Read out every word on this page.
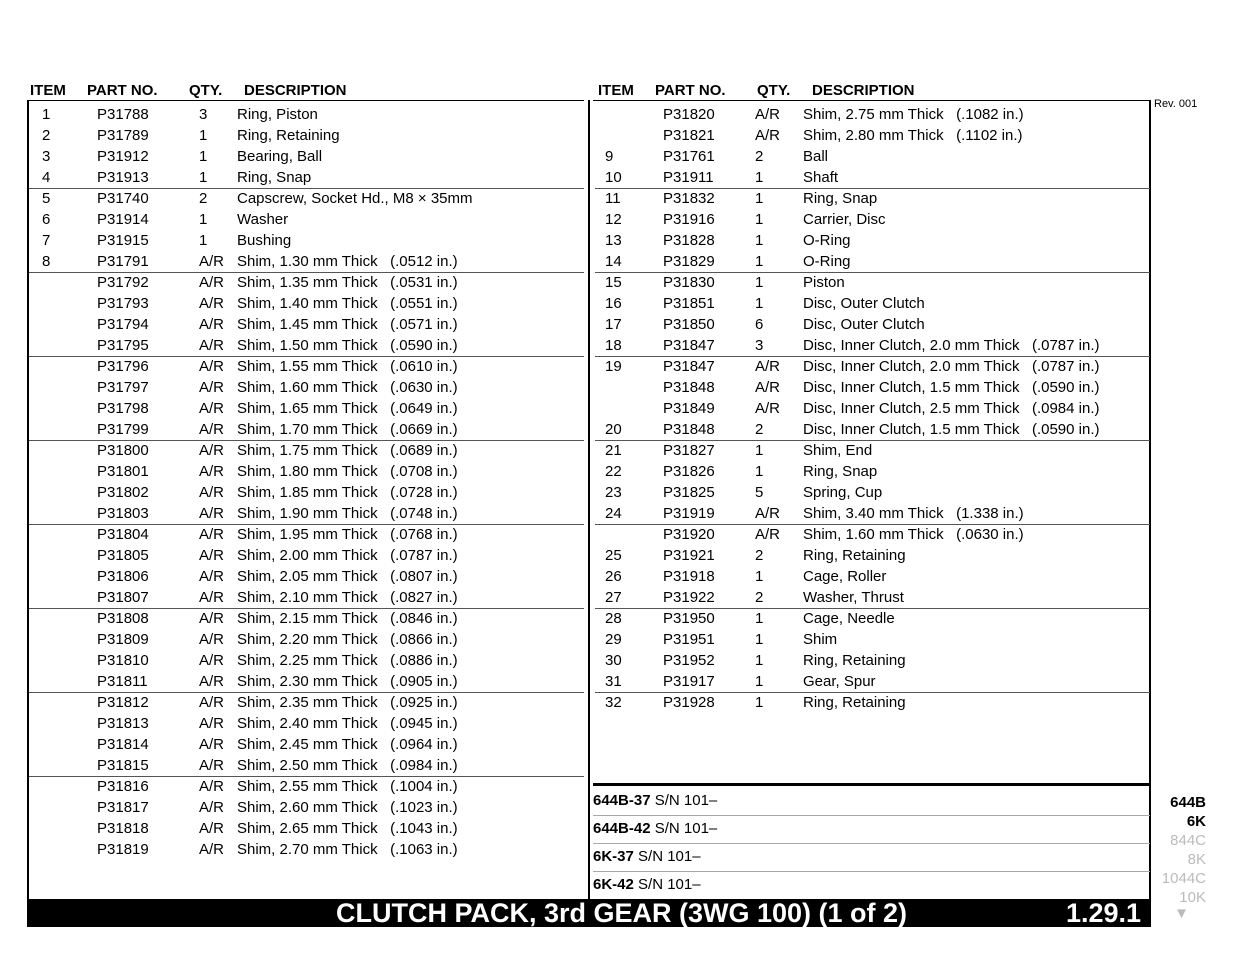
ITEM PART NO. QTY. DESCRIPTION	ITEM PART NO. QTY. DESCRIPTION
Rev. 001
1	P31788	3 Ring, Piston
2	P31789	1 Ring, Retaining
3	P31912	1 Bearing, Ball
4	P31913	1 Ring, Snap
5	P31740	2 Capscrew, Socket Hd., M8 × 35mm
6	P31914	1 Washer
7	P31915	1 Bushing
8	P31791	A/R Shim, 1.30 mm Thick   (.0512 in.)
P31792	A/R Shim, 1.35 mm Thick   (.0531 in.)
P31793	A/R Shim, 1.40 mm Thick   (.0551 in.)
P31794	A/R Shim, 1.45 mm Thick   (.0571 in.)
P31795	A/R Shim, 1.50 mm Thick   (.0590 in.)
P31796	A/R Shim, 1.55 mm Thick   (.0610 in.)
P31797	A/R Shim, 1.60 mm Thick   (.0630 in.)
P31798	A/R Shim, 1.65 mm Thick   (.0649 in.)
P31799	A/R Shim, 1.70 mm Thick   (.0669 in.)
P31800	A/R Shim, 1.75 mm Thick   (.0689 in.)
P31801	A/R Shim, 1.80 mm Thick   (.0708 in.)
P31802	A/R Shim, 1.85 mm Thick   (.0728 in.)
P31803	A/R Shim, 1.90 mm Thick   (.0748 in.)
P31804	A/R Shim, 1.95 mm Thick   (.0768 in.)
P31805	A/R Shim, 2.00 mm Thick   (.0787 in.)
P31806	A/R Shim, 2.05 mm Thick   (.0807 in.)
P31807	A/R Shim, 2.10 mm Thick   (.0827 in.)
P31808	A/R Shim, 2.15 mm Thick   (.0846 in.)
P31809	A/R Shim, 2.20 mm Thick   (.0866 in.)
P31810	A/R Shim, 2.25 mm Thick   (.0886 in.)
P31811	A/R Shim, 2.30 mm Thick   (.0905 in.)
P31812	A/R Shim, 2.35 mm Thick   (.0925 in.)
P31813	A/R Shim, 2.40 mm Thick   (.0945 in.)
P31814	A/R Shim, 2.45 mm Thick   (.0964 in.)
P31815	A/R Shim, 2.50 mm Thick   (.0984 in.)
P31816	A/R Shim, 2.55 mm Thick   (.1004 in.)
P31817	A/R Shim, 2.60 mm Thick   (.1023 in.)
P31818	A/R Shim, 2.65 mm Thick   (.1043 in.)
P31819	A/R Shim, 2.70 mm Thick   (.1063 in.)
P31820	A/R Shim, 2.75 mm Thick   (.1082 in.)
P31821	A/R Shim, 2.80 mm Thick   (.1102 in.)
9	P31761	2	Ball
10	P31911	1	Shaft
11	P31832	1	Ring, Snap
12	P31916	1	Carrier, Disc
13	P31828	1	O-Ring
14	P31829	1	O-Ring
15	P31830	1	Piston
16	P31851	1	Disc, Outer Clutch
17	P31850	6	Disc, Outer Clutch
18	P31847	3	Disc, Inner Clutch, 2.0 mm Thick   (.0787 in.)
19	P31847	A/R Disc, Inner Clutch, 2.0 mm Thick   (.0787 in.)
P31848	A/R Disc, Inner Clutch, 1.5 mm Thick   (.0590 in.)
P31849	A/R Disc, Inner Clutch, 2.5 mm Thick   (.0984 in.)
20	P31848	2	Disc, Inner Clutch, 1.5 mm Thick   (.0590 in.)
21	P31827	1	Shim, End
22	P31826	1	Ring, Snap
23	P31825	5	Spring, Cup
24	P31919	A/R Shim, 3.40 mm Thick   (1.338 in.)
P31920	A/R Shim, 1.60 mm Thick   (.0630 in.)
25	P31921	2	Ring, Retaining
26	P31918	1	Cage, Roller
27	P31922	2	Washer, Thrust
28	P31950	1	Cage, Needle
29	P31951	1	Shim
30	P31952	1	Ring, Retaining
31	P31917	1	Gear, Spur
32	P31928	1	Ring, Retaining
644B-37 S/N 101–
644B-42 S/N 101–
6K-37 S/N 101–
6K-42 S/N 101–
644B
6K
844C
8K
1044C
10K
▼
CLUTCH PACK, 3rd GEAR (3WG 100) (1 of 2)	1.29.1
